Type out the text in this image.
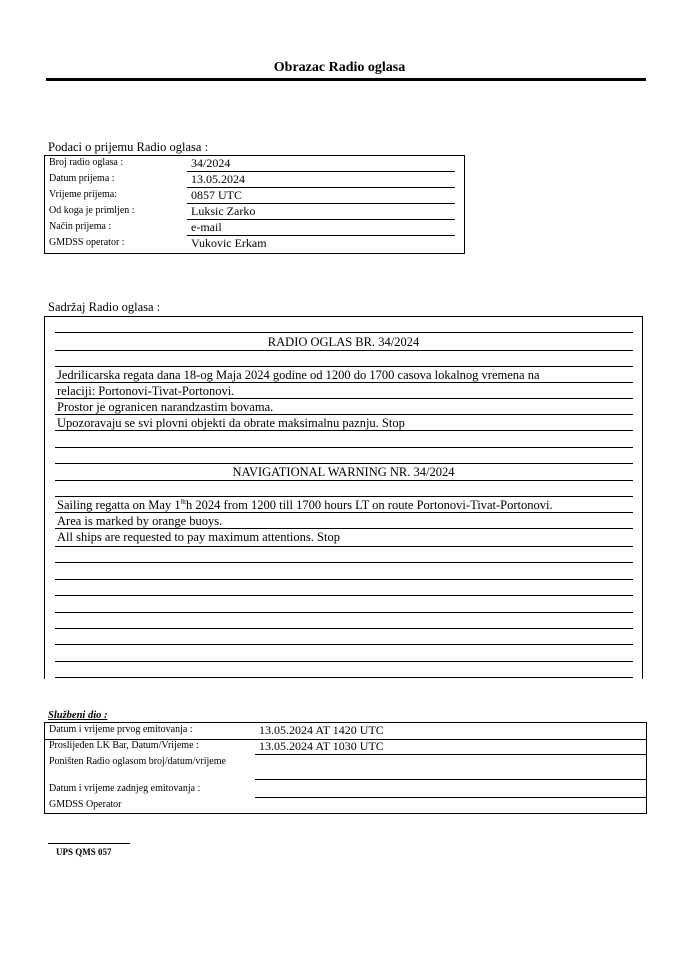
Obrazac Radio oglasa
Podaci o prijemu Radio oglasa :
Broj radio oglasa :	34/2024
Datum prijema :	13.05.2024
Vrijeme prijema:	0857 UTC
Od koga je primljen :	Luksic Zarko
Način prijema :	e-mail
GMDSS operator :	Vukovic Erkam
Sadržaj Radio oglasa :
RADIO OGLAS BR. 34/2024
Jedrilicarska regata dana 18-og Maja 2024 godine od 1200 do 1700 casova lokalnog vremena na
relaciji: Portonovi-Tivat-Portonovi.
Prostor je ogranicen narandzastim bovama.
Upozoravaju se svi plovni objekti da obrate maksimalnu paznju. Stop
NAVIGATIONAL WARNING NR. 34/2024
Sailing regatta on May $1^{8t}h$ 2024 from 1200 till 1700 hours LT on route Portonovi-Tivat-Portonovi.
Area is marked by orange buoys.
All ships are requested to pay maximum attentions. Stop
Službeni dio :
Datum i vrijeme prvog emitovanja :	13.05.2024 AT 1420 UTC
Proslijeđen LK Bar, Datum/Vrijeme :	13.05.2024 AT 1030 UTC
Poništen Radio oglasom broj/datum/vrijeme
Datum i vrijeme zadnjeg emitovanja :
GMDSS Operator
UPS QMS 057
